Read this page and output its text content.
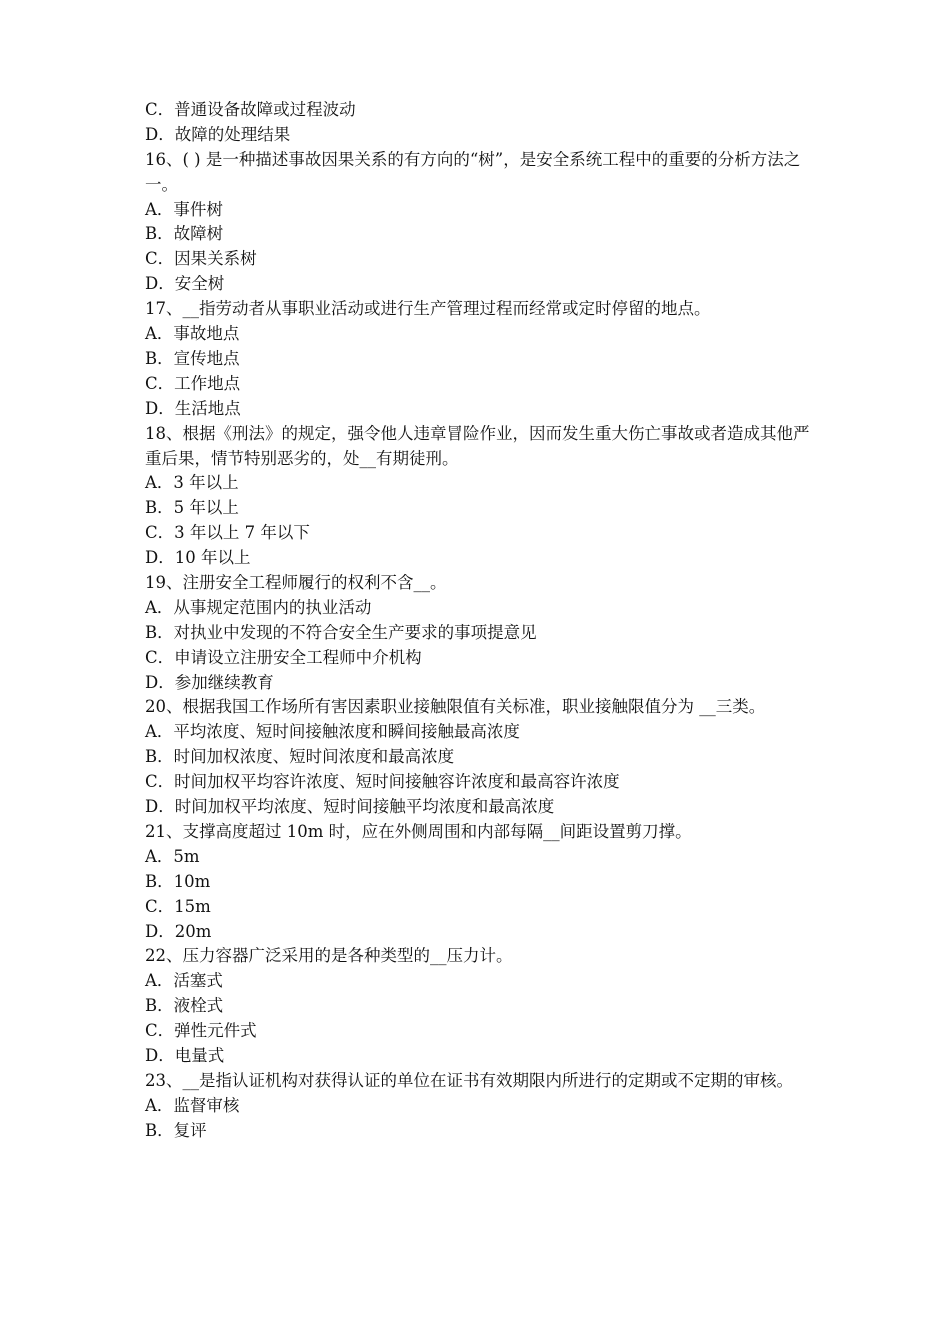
C．普通设备故障或过程波动
D．故障的处理结果
16、( ) 是一种描述事故因果关系的有方向的“树”，是安全系统工程中的重要的分析方法之一。
A．事件树
B．故障树
C．因果关系树
D．安全树
17、__指劳动者从事职业活动或进行生产管理过程而经常或定时停留的地点。
A．事故地点
B．宣传地点
C．工作地点
D．生活地点
18、根据《刑法》的规定，强令他人违章冒险作业，因而发生重大伤亡事故或者造成其他严重后果，情节特别恶劣的，处__有期徒刑。
A．3 年以上
B．5 年以上
C．3 年以上 7 年以下
D．10 年以上
19、注册安全工程师履行的权利不含__。
A．从事规定范围内的执业活动
B．对执业中发现的不符合安全生产要求的事项提意见
C．申请设立注册安全工程师中介机构
D．参加继续教育
20、根据我国工作场所有害因素职业接触限值有关标准，职业接触限值分为 __三类。
A．平均浓度、短时间接触浓度和瞬间接触最高浓度
B．时间加权浓度、短时间浓度和最高浓度
C．时间加权平均容许浓度、短时间接触容许浓度和最高容许浓度
D．时间加权平均浓度、短时间接触平均浓度和最高浓度
21、支撑高度超过 10m 时，应在外侧周围和内部每隔__间距设置剪刀撑。
A．5m
B．10m
C．15m
D．20m
22、压力容器广泛采用的是各种类型的__压力计。
A．活塞式
B．液栓式
C．弹性元件式
D．电量式
23、__是指认证机构对获得认证的单位在证书有效期限内所进行的定期或不定期的审核。
A．监督审核
B．复评
